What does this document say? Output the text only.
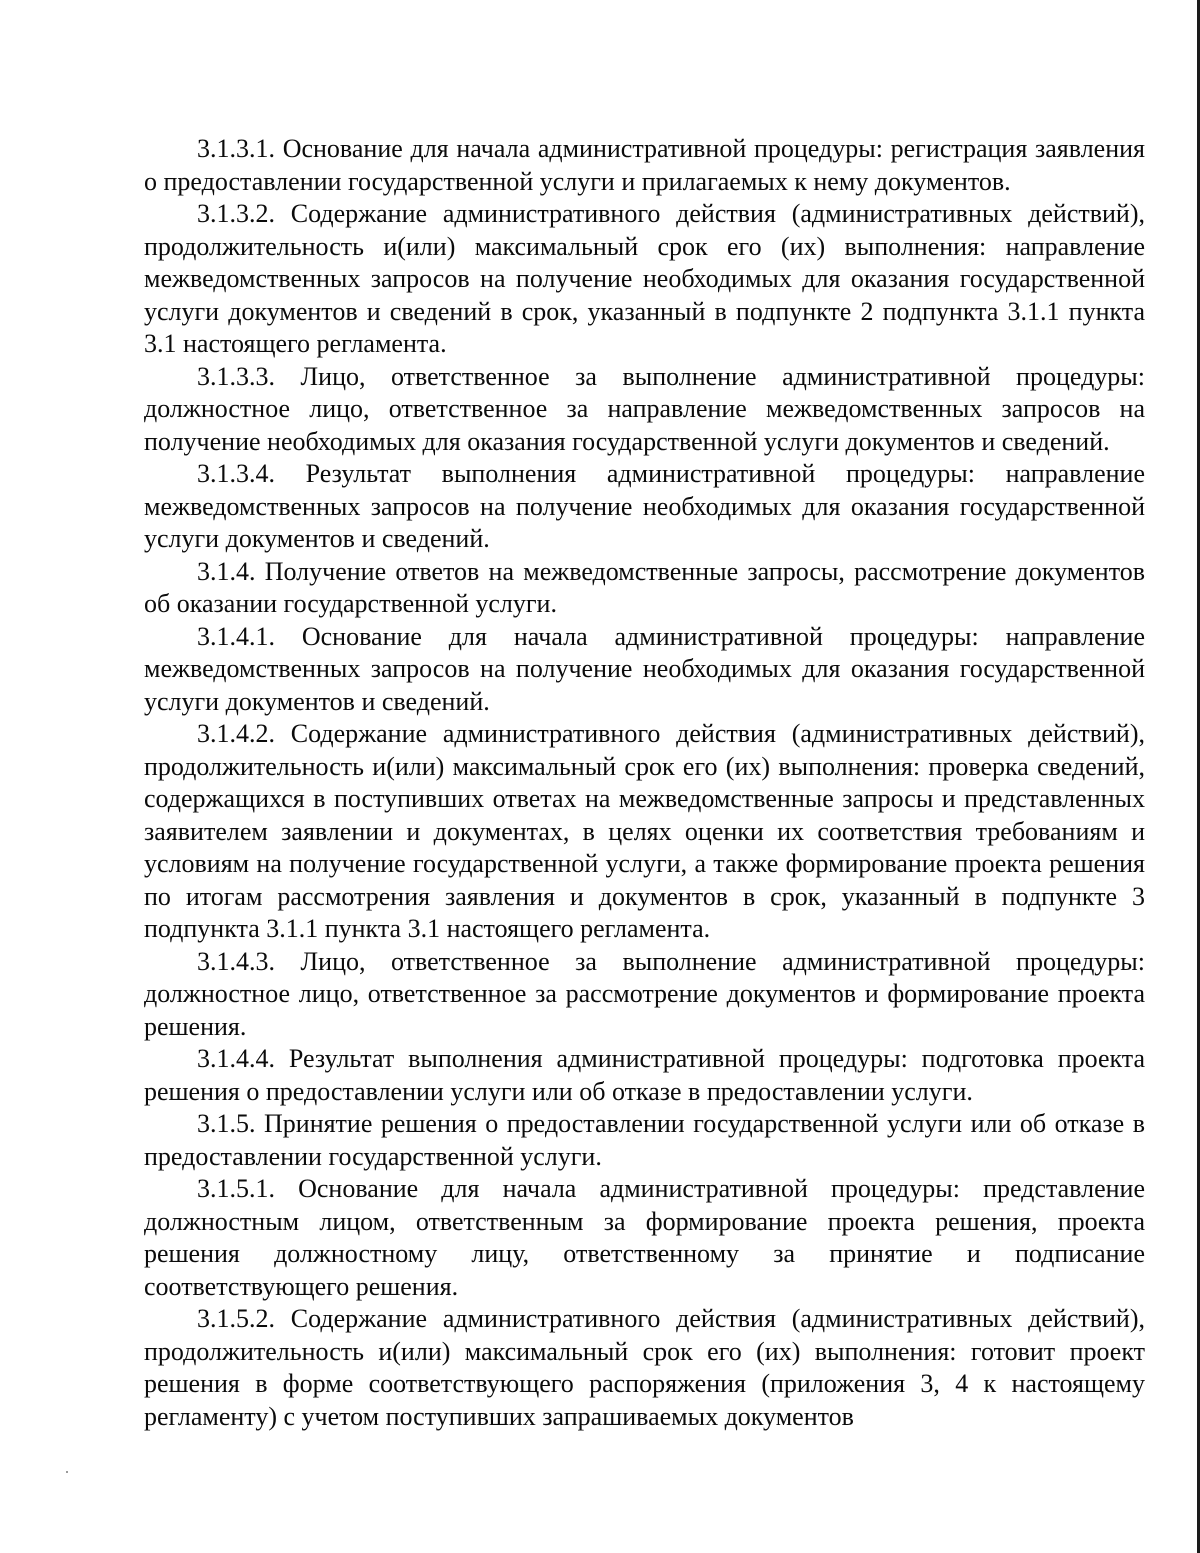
3.1.3.1. Основание для начала административной процедуры: регистрация заявления о предоставлении государственной услуги и прилагаемых к нему документов.

3.1.3.2. Содержание административного действия (административных действий), продолжительность и(или) максимальный срок его (их) выполнения: направление межведомственных запросов на получение необходимых для оказания государственной услуги документов и сведений в срок, указанный в подпункте 2 подпункта 3.1.1 пункта 3.1 настоящего регламента.

3.1.3.3. Лицо, ответственное за выполнение административной процедуры: должностное лицо, ответственное за направление межведомственных запросов на получение необходимых для оказания государственной услуги документов и сведений.

3.1.3.4. Результат выполнения административной процедуры: направление межведомственных запросов на получение необходимых для оказания государственной услуги документов и сведений.

3.1.4. Получение ответов на межведомственные запросы, рассмотрение документов об оказании государственной услуги.

3.1.4.1. Основание для начала административной процедуры: направление межведомственных запросов на получение необходимых для оказания государственной услуги документов и сведений.

3.1.4.2. Содержание административного действия (административных действий), продолжительность и(или) максимальный срок его (их) выполнения: проверка сведений, содержащихся в поступивших ответах на межведомственные запросы и представленных заявителем заявлении и документах, в целях оценки их соответствия требованиям и условиям на получение государственной услуги, а также формирование проекта решения по итогам рассмотрения заявления и документов в срок, указанный в подпункте 3 подпункта 3.1.1 пункта 3.1 настоящего регламента.

3.1.4.3. Лицо, ответственное за выполнение административной процедуры: должностное лицо, ответственное за рассмотрение документов и формирование проекта решения.

3.1.4.4. Результат выполнения административной процедуры: подготовка проекта решения о предоставлении услуги или об отказе в предоставлении услуги.

3.1.5. Принятие решения о предоставлении государственной услуги или об отказе в предоставлении государственной услуги.

3.1.5.1. Основание для начала административной процедуры: представление должностным лицом, ответственным за формирование проекта решения, проекта решения должностному лицу, ответственному за принятие и подписание соответствующего решения.

3.1.5.2. Содержание административного действия (административных действий), продолжительность и(или) максимальный срок его (их) выполнения: готовит проект решения в форме соответствующего распоряжения (приложения 3, 4 к настоящему регламенту) с учетом поступивших запрашиваемых документов
